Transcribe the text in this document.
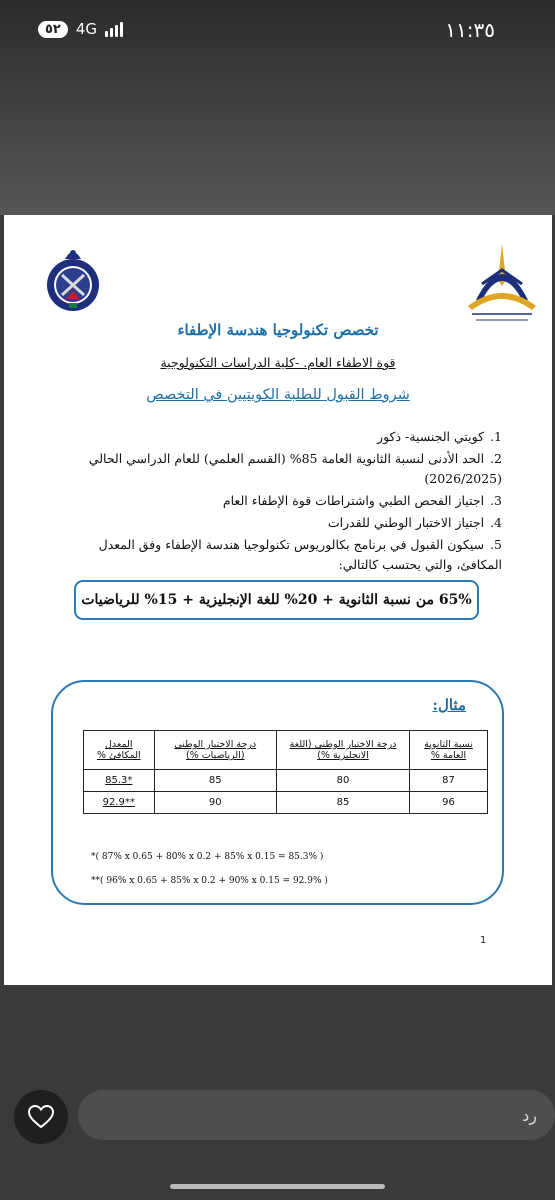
٥٢	4G	١١:٣٥
تخصص تكنولوجيا هندسة الإطفاء
قوة الاطفاء العام. -كلية الدراسات التكنولوجية
شروط القبول للطلبة الكويتيين في التخصص
1.كويتي الجنسية- ذكور
2.الحد الأدنى لنسبة الثانوية العامة 85% (القسم العلمي) للعام الدراسي الحالي (2026/2025)
3.اجتياز الفحص الطبي واشتراطات قوة الإطفاء العام
4.اجتياز الاختبار الوطني للقدرات
5.سيكون القبول في برنامج بكالوريوس تكنولوجيا هندسة الإطفاء وفق المعدل المكافئ، والتي يحتسب كالتالي:
65% من نسبة الثانوية + 20% للغة الإنجليزية + 15% للرياضيات
مثال:
نسبة الثانوية العامة %	درجة الاختبار الوطني (اللغة الانجليزية %)	درجة الاختبار الوطني (الرياضيات %)	المعدل المكافئ %
87	80	85	*85.3
96	85	90	**92.9
*( 87% x 0.65 + 80% x 0.2 + 85% x 0.15 = 85.3% )
**( 96% x 0.65 + 85% x 0.2 + 90% x 0.15 = 92.9% )
1
رد
